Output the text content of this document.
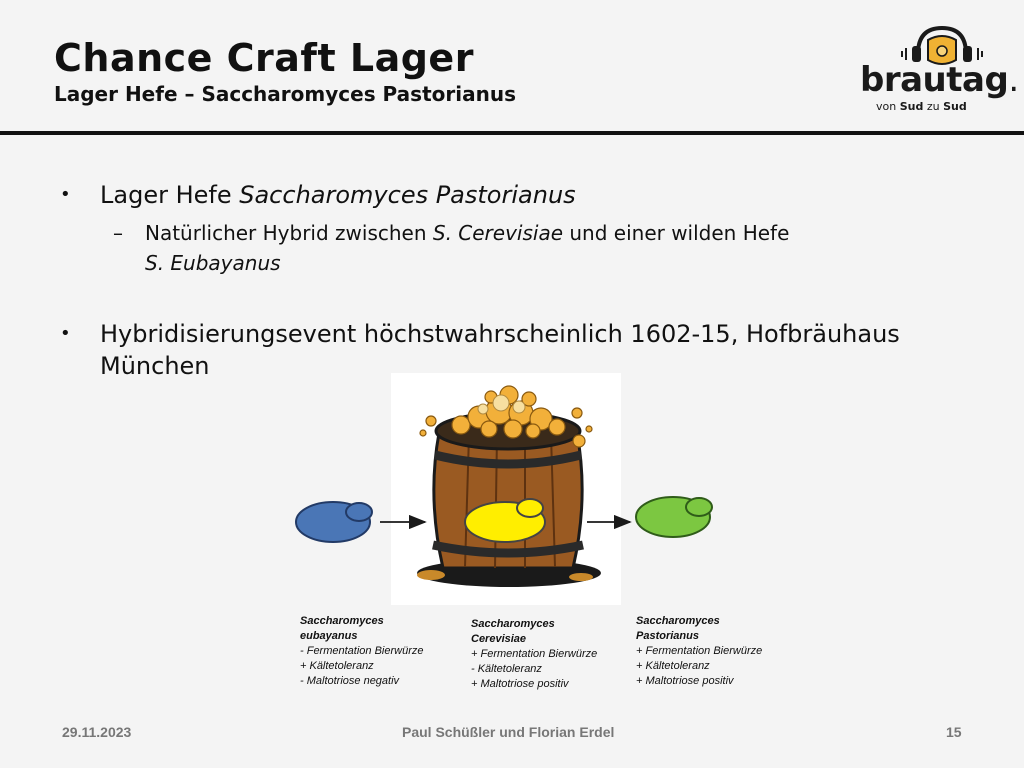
Chance Craft Lager
Lager Hefe – Saccharomyces Pastorianus	brautag.
von Sud zu Sud
• Lager Hefe Saccharomyces Pastorianus
– Natürlicher Hybrid zwischen S. Cerevisiae und einer wilden Hefe
S. Eubayanus
• Hybridisierungsevent höchstwahrscheinlich 1602-15, Hofbräuhaus
München
Saccharomyces
eubayanus
- Fermentation Bierwürze
+ Kältetoleranz
- Maltotriose negativ
Saccharomyces
Cerevisiae
+ Fermentation Bierwürze
- Kältetoleranz
+ Maltotriose positiv
Saccharomyces
Pastorianus
+ Fermentation Bierwürze
+ Kältetoleranz
+ Maltotriose positiv
29.11.2023	Paul Schüßler und Florian Erdel	15
